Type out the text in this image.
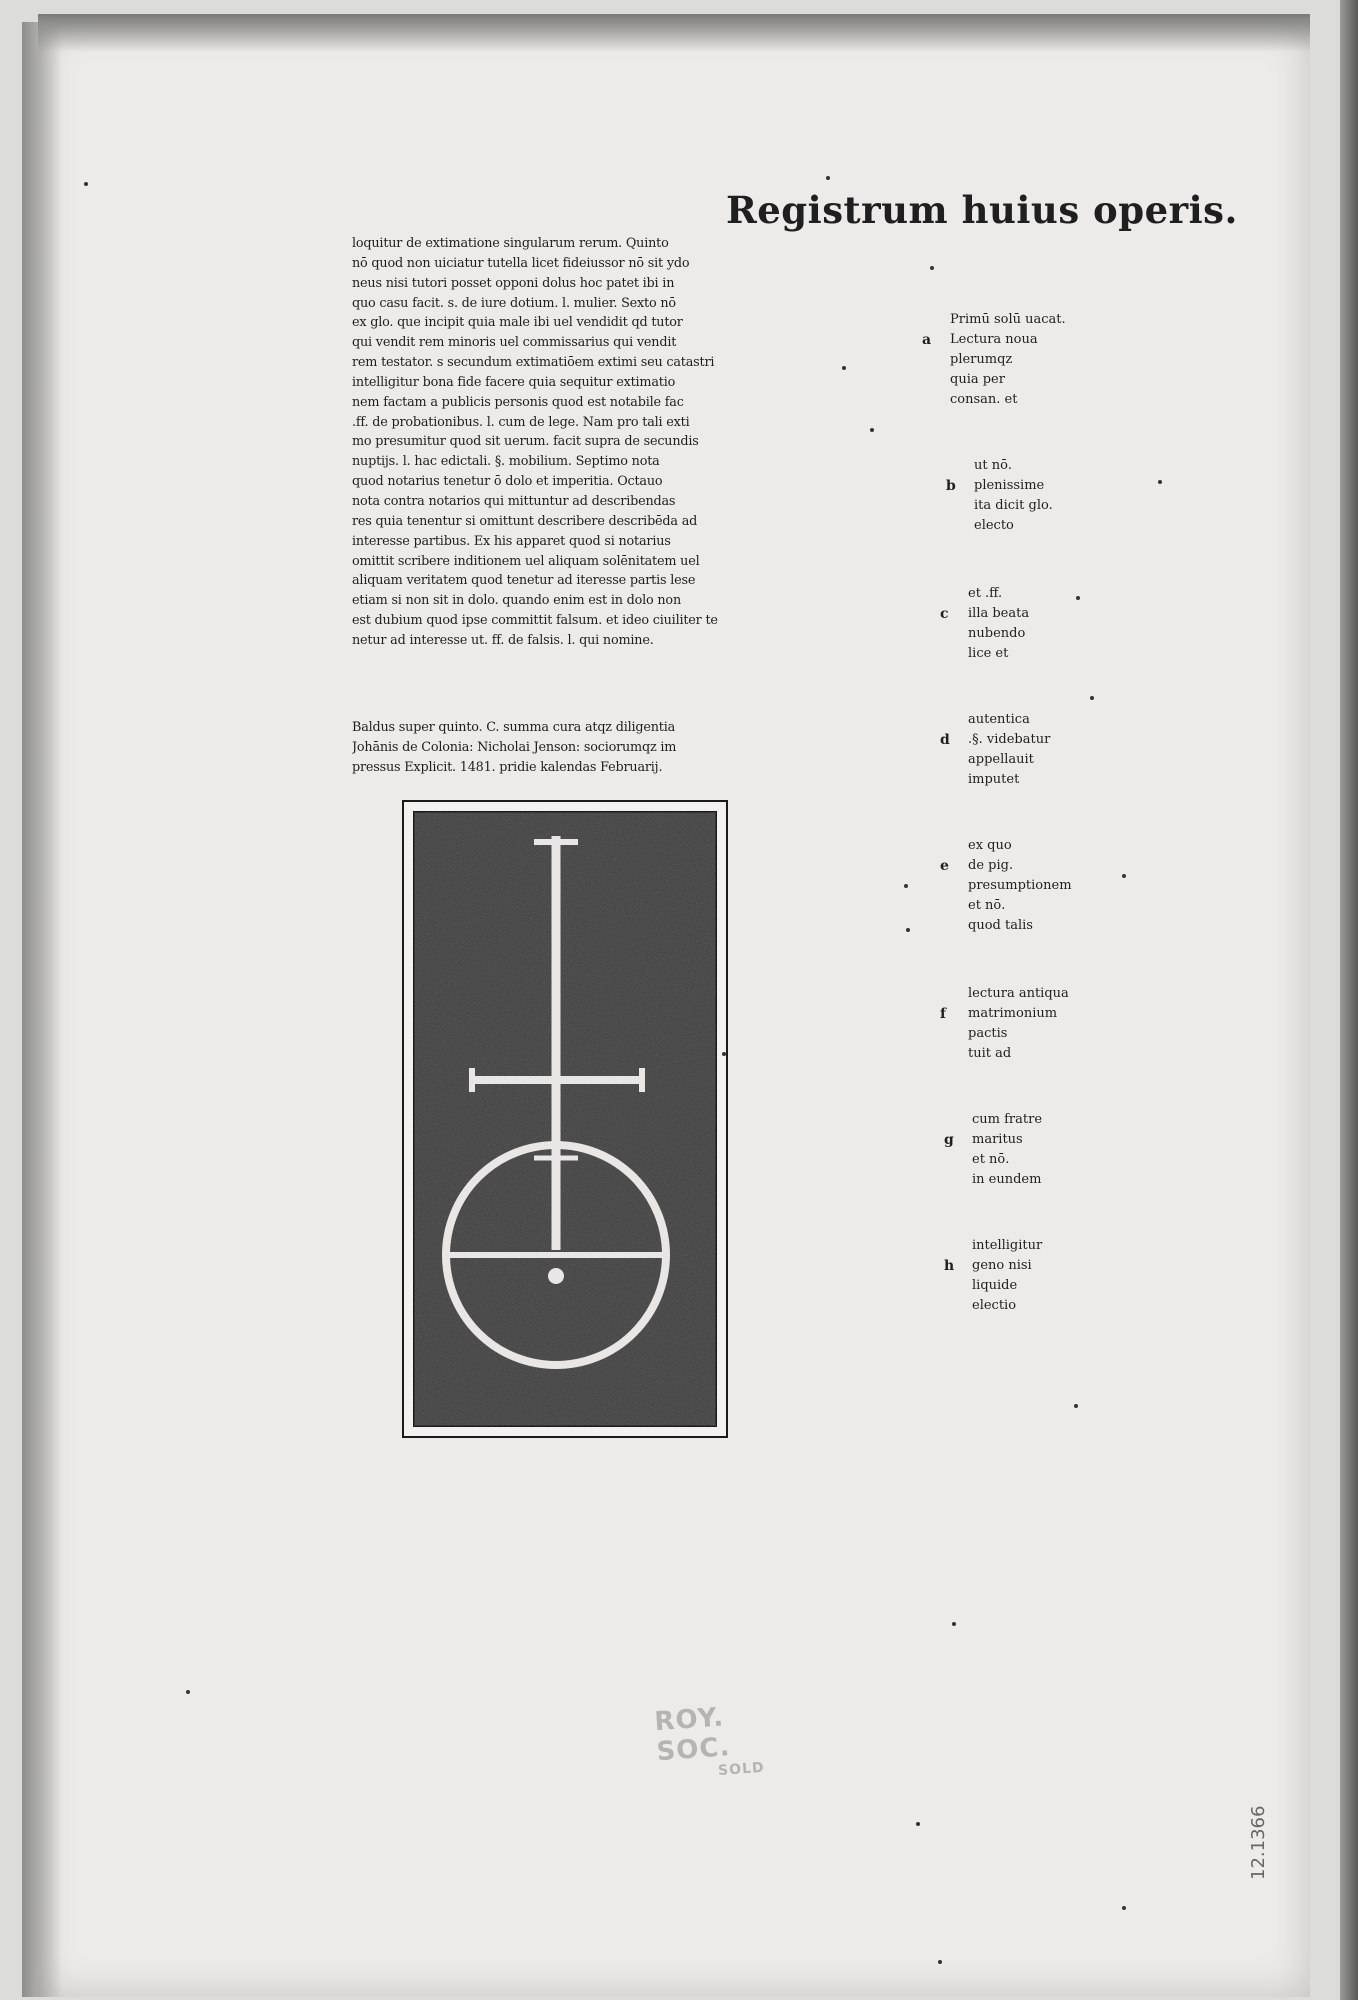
Registrum huius operis.
loquitur de extimatione singularum rerum. Quinto
nō quod non uiciatur tutella licet fideiussor nō sit ydo
neus nisi tutori posset opponi dolus hoc patet ibi in
quo casu facit. s. de iure dotium. l. mulier. Sexto nō
ex glo. que incipit quia male ibi uel vendidit qd tutor
qui vendit rem minoris uel commissarius qui vendit
rem testator. s secundum extimatiōem extimi seu catastri
intelligitur bona fide facere quia sequitur extimatio
nem factam a publicis personis quod est notabile fac
.ff. de probationibus. l. cum de lege. Nam pro tali exti
mo presumitur quod sit uerum. facit supra de secundis
nuptijs. l. hac edictali. §. mobilium. Septimo nota
quod notarius tenetur ō dolo et imperitia. Octauo
nota contra notarios qui mittuntur ad describendas
res quia tenentur si omittunt describere describēda ad
interesse partibus. Ex his apparet quod si notarius
omittit scribere inditionem uel aliquam solēnitatem uel
aliquam veritatem quod tenetur ad iteresse partis lese
etiam si non sit in dolo. quando enim est in dolo non
est dubium quod ipse committit falsum. et ideo ciuiliter te
netur ad interesse ut. ff. de falsis. l. qui nomine.
Baldus super quinto. C. summa cura atqz diligentia
Johānis de Colonia: Nicholai Jenson: sociorumqz im
pressus Explicit. 1481. pridie kalendas Februarij.
a
Primū solū uacat.
Lectura noua
plerumqz
quia per
consan. et
b
ut nō.
plenissime
ita dicit glo.
electo
c
et .ff.
illa beata
nubendo
lice et
d
autentica
.§. videbatur
appellauit
imputet
e
ex quo
de pig.
presumptionem
et nō.
quod talis
f
lectura antiqua
matrimonium
pactis
tuit ad
g
cum fratre
maritus
et nō.
in eundem
h
intelligitur
geno nisi
liquide
electio
ROY. SOC.
SOLD
12.1366
